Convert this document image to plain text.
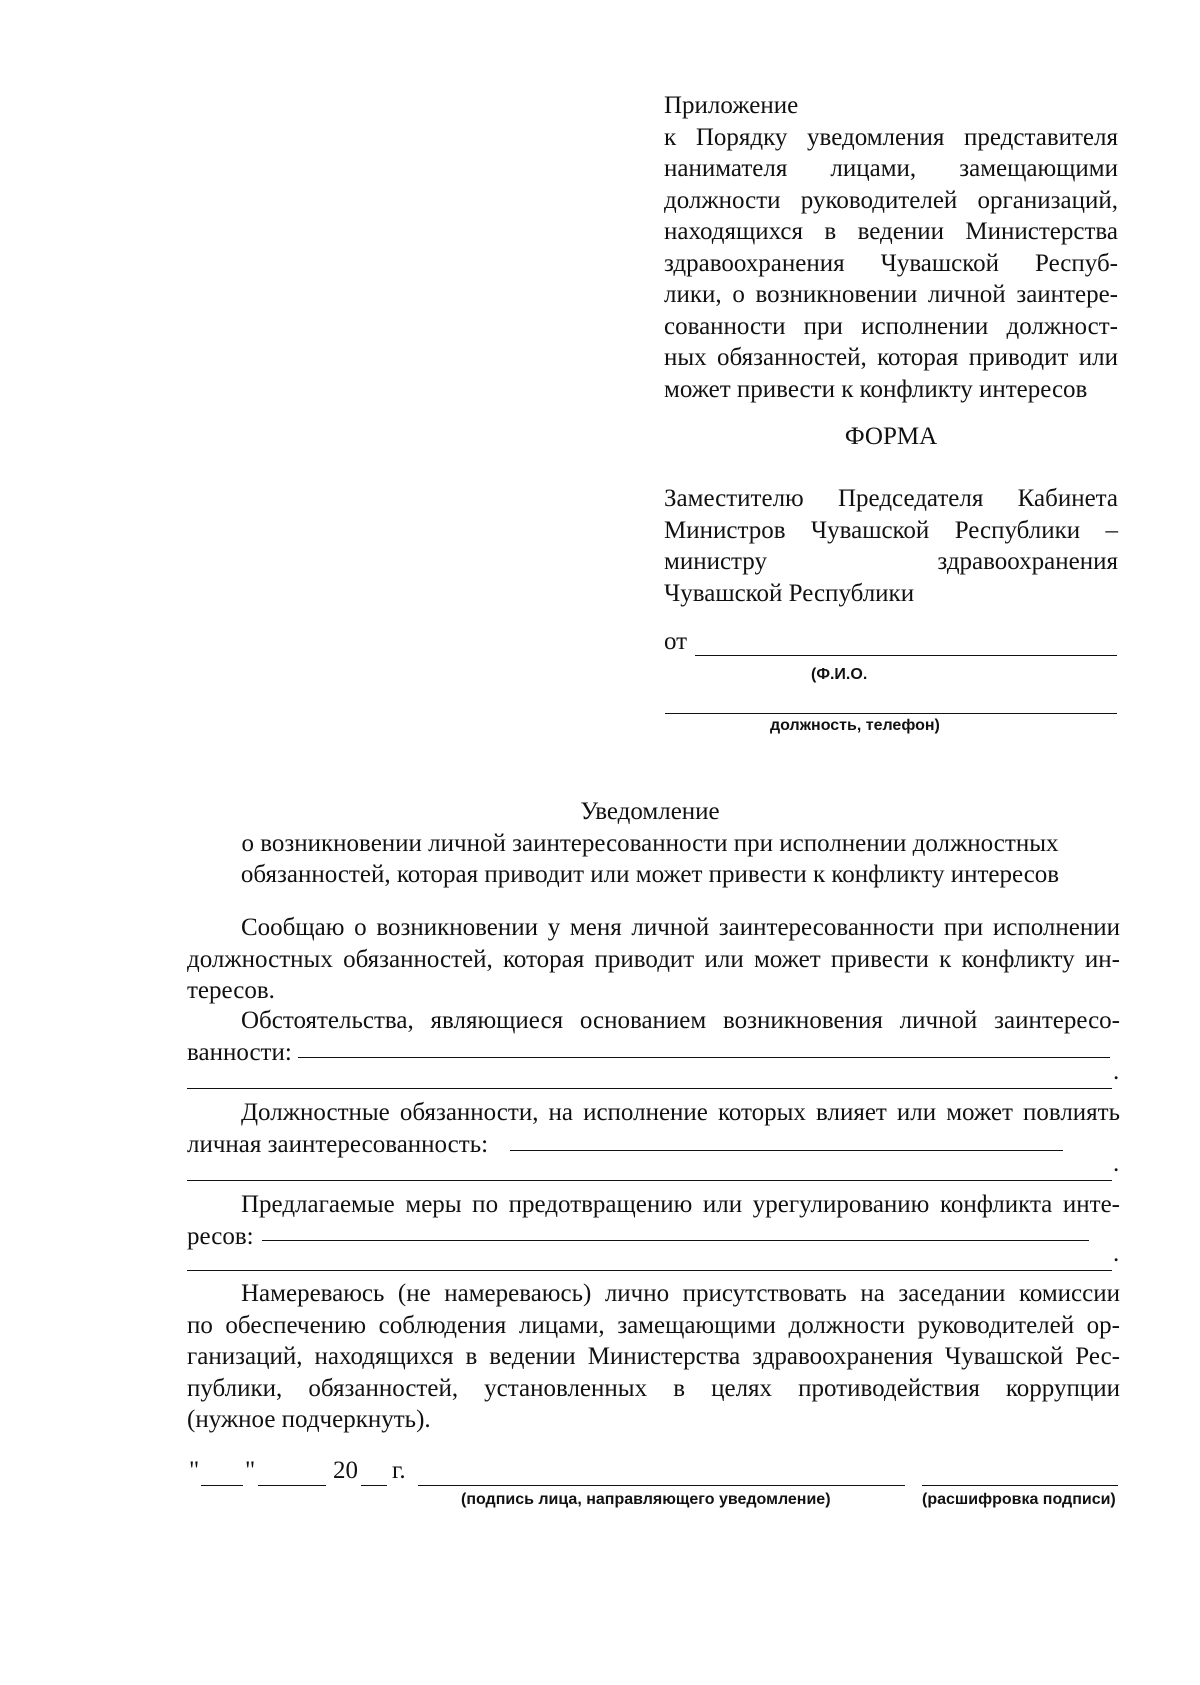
Приложение
к Порядку уведомления представителя
нанимателя лицами, замещающими
должности руководителей организаций,
находящихся в ведении Министерства
здравоохранения Чувашской Респуб-
лики, о возникновении личной заинтере-
сованности при исполнении должност-
ных обязанностей, которая приводит или
может привести к конфликту интересов
ФОРМА
Заместителю Председателя Кабинета
Министров Чувашской Республики –
министру здравоохранения
Чувашской Республики
от
(Ф.И.О.
должность, телефон)
Уведомление
о возникновении личной заинтересованности при исполнении должностных
обязанностей, которая приводит или может привести к конфликту интересов
Сообщаю о возникновении у меня личной заинтересованности при исполнении
должностных обязанностей, которая приводит или может привести к конфликту ин-
тересов.
Обстоятельства, являющиеся основанием возникновения личной заинтересо-
ванности:
.
Должностные обязанности, на исполнение которых влияет или может повлиять
личная заинтересованность:
.
Предлагаемые меры по предотвращению или урегулированию конфликта инте-
ресов:
.
Намереваюсь (не намереваюсь) лично присутствовать на заседании комиссии
по обеспечению соблюдения лицами, замещающими должности руководителей ор-
ганизаций, находящихся в ведении Министерства здравоохранения Чувашской Рес-
публики, обязанностей, установленных в целях противодействия коррупции
(нужное подчеркнуть).
" "	20 г.
(подпись лица, направляющего уведомление)	(расшифровка подписи)
